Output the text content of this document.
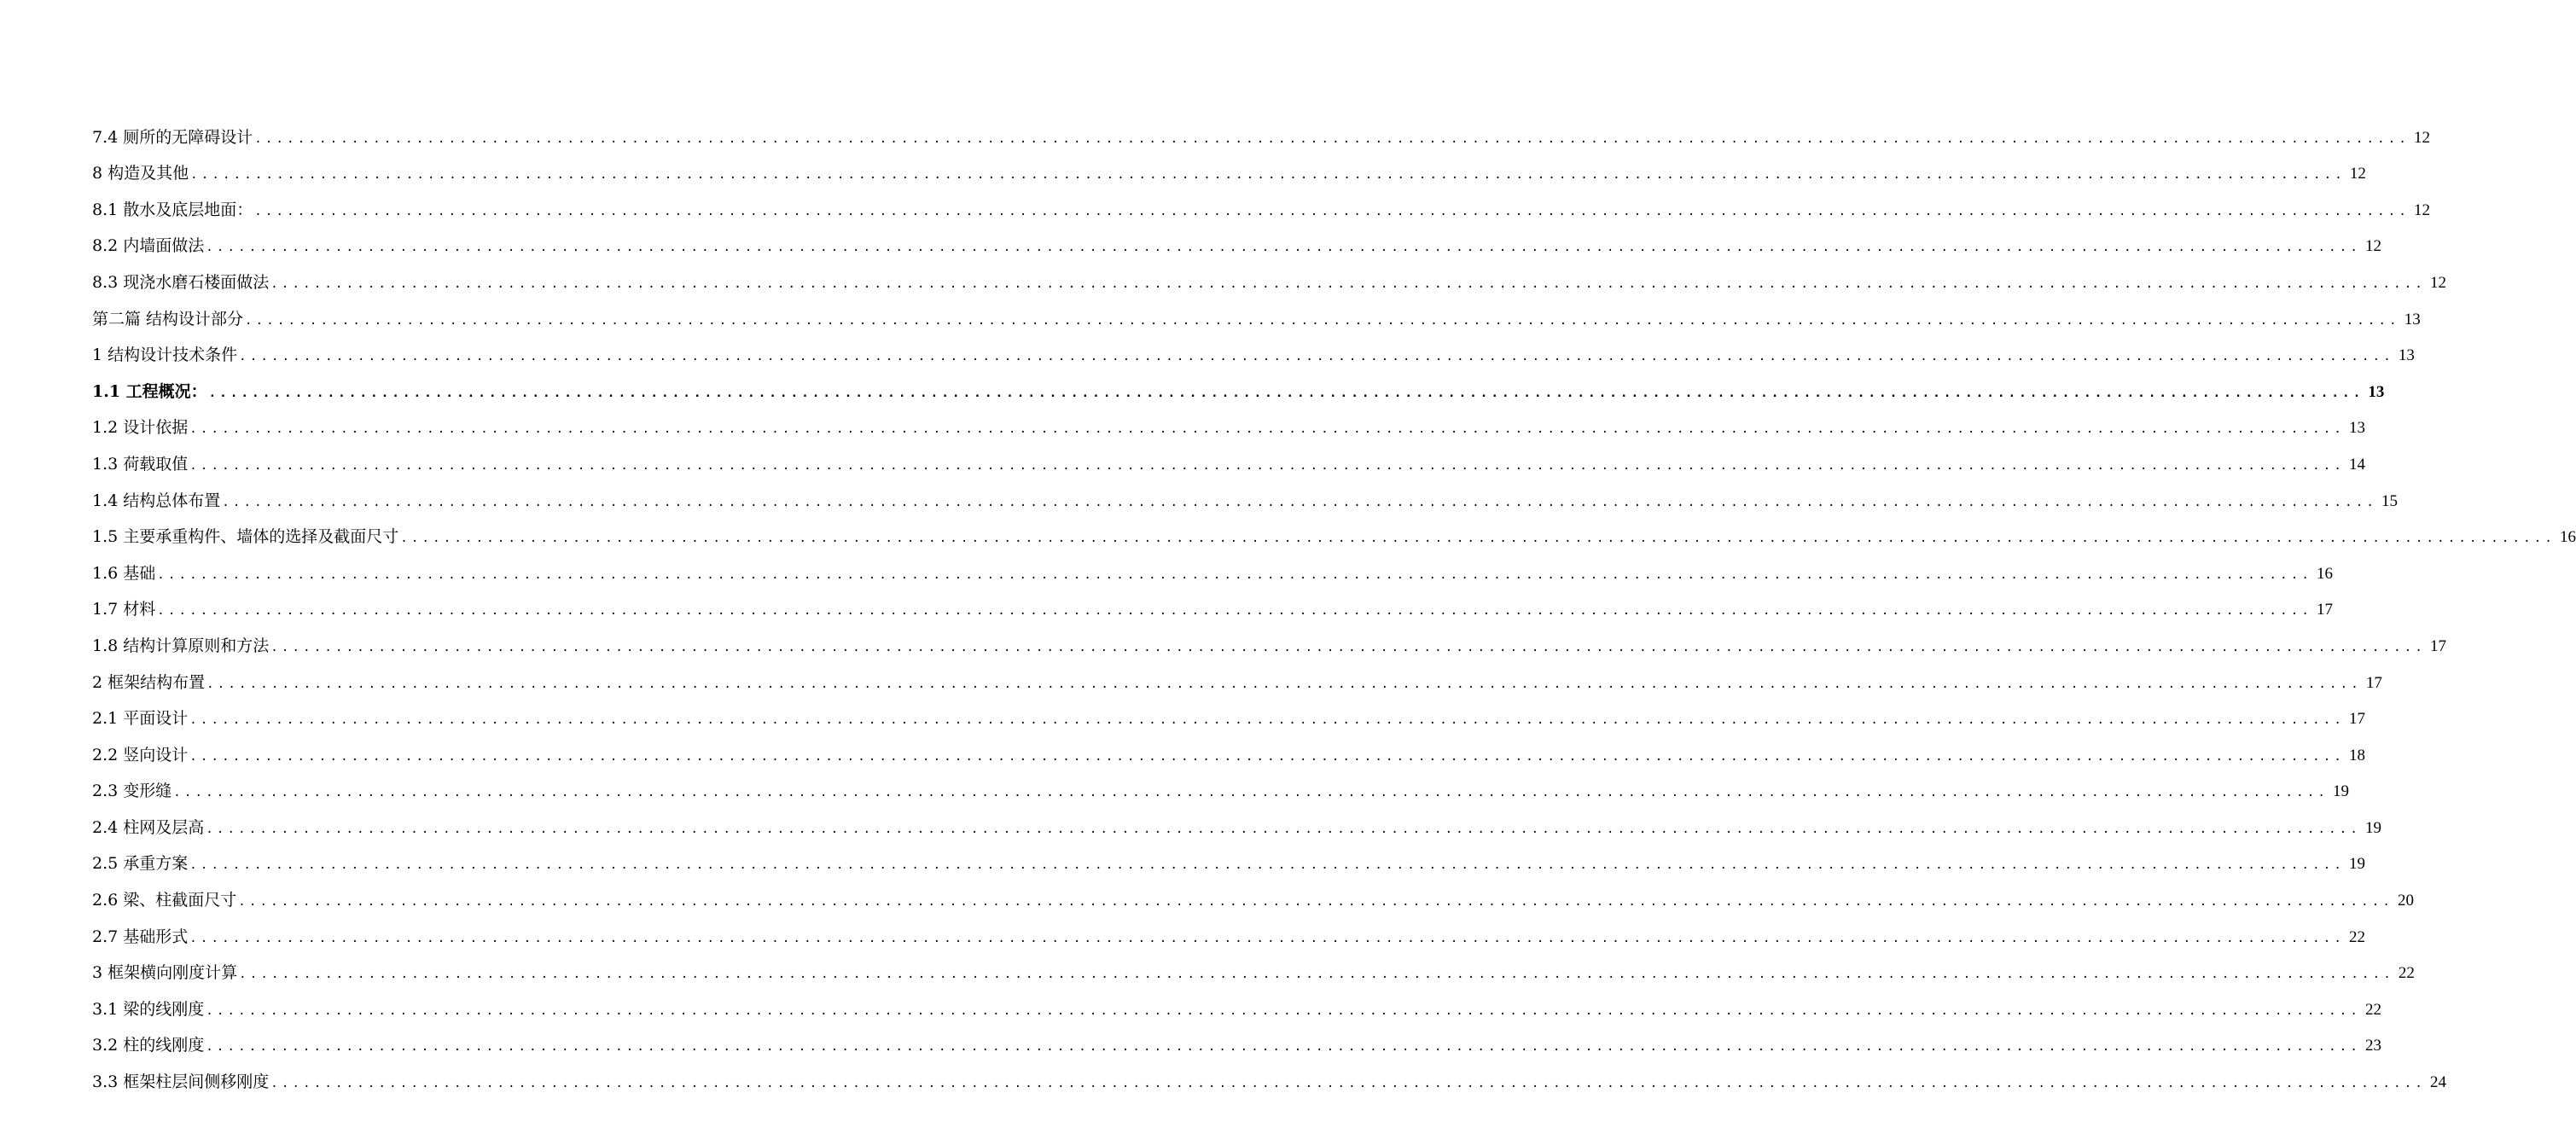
7.4 厕所的无障碍设计 ........................................................................................................................................................................................................ 12
8 构造及其他 ........................................................................................................................................................................................................ 12
8.1 散水及底层地面： ........................................................................................................................................................................................................ 12
8.2 内墙面做法 ........................................................................................................................................................................................................ 12
8.3 现浇水磨石楼面做法 ........................................................................................................................................................................................................ 12
第二篇 结构设计部分 ........................................................................................................................................................................................................ 13
1 结构设计技术条件 ........................................................................................................................................................................................................ 13
1.1 工程概况： ........................................................................................................................................................................................................ 13
1.2 设计依据 ........................................................................................................................................................................................................ 13
1.3 荷载取值 ........................................................................................................................................................................................................ 14
1.4 结构总体布置 ........................................................................................................................................................................................................ 15
1.5 主要承重构件、墙体的选择及截面尺寸 ........................................................................................................................................................................................................ 16
1.6 基础 ........................................................................................................................................................................................................ 16
1.7 材料 ........................................................................................................................................................................................................ 17
1.8 结构计算原则和方法 ........................................................................................................................................................................................................ 17
2 框架结构布置 ........................................................................................................................................................................................................ 17
2.1 平面设计 ........................................................................................................................................................................................................ 17
2.2 竖向设计 ........................................................................................................................................................................................................ 18
2.3 变形缝 ........................................................................................................................................................................................................ 19
2.4 柱网及层高 ........................................................................................................................................................................................................ 19
2.5 承重方案 ........................................................................................................................................................................................................ 19
2.6 梁、柱截面尺寸 ........................................................................................................................................................................................................ 20
2.7 基础形式 ........................................................................................................................................................................................................ 22
3 框架横向刚度计算 ........................................................................................................................................................................................................ 22
3.1 梁的线刚度 ........................................................................................................................................................................................................ 22
3.2 柱的线刚度 ........................................................................................................................................................................................................ 23
3.3 框架柱层间侧移刚度 ........................................................................................................................................................................................................ 24
